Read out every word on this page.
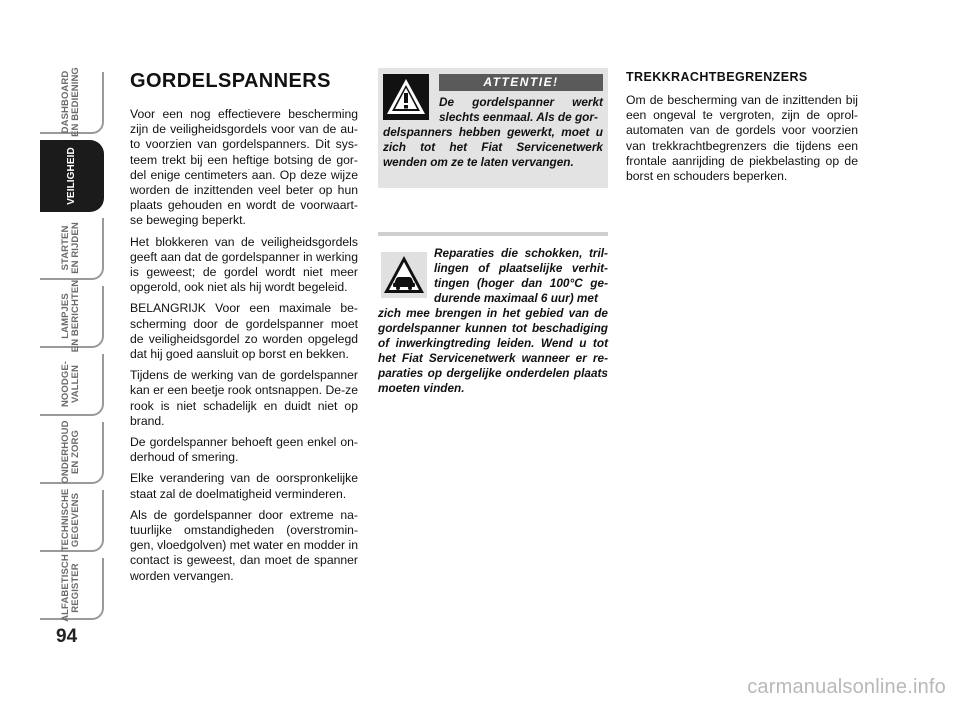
DASHBOARD
EN BEDIENING
VEILIGHEID
STARTEN
EN RIJDEN
LAMPJES
EN BERICHTEN
NOODGE-
VALLEN
ONDERHOUD
EN ZORG
TECHNISCHE
GEGEVENS
ALFABETISCH
REGISTER
94
GORDELSPANNERS

Voor een nog effectievere bescherming zijn de veiligheidsgordels voor van de au-to voorzien van gordelspanners. Dit sys-teem trekt bij een heftige botsing de gor-del enige centimeters aan. Op deze wijze worden de inzittenden veel beter op hun plaats gehouden en wordt de voorwaart-se beweging beperkt.

Het blokkeren van de veiligheidsgordels geeft aan dat de gordelspanner in werking is geweest; de gordel wordt niet meer opgerold, ook niet als hij wordt begeleid.

BELANGRIJK Voor een maximale be-scherming door de gordelspanner moet de veiligheidsgordel zo worden opgelegd dat hij goed aansluit op borst en bekken.

Tijdens de werking van de gordelspanner kan er een beetje rook ontsnappen. De-ze rook is niet schadelijk en duidt niet op brand.

De gordelspanner behoeft geen enkel on-derhoud of smering.

Elke verandering van de oorspronkelijke staat zal de doelmatigheid verminderen.

Als de gordelspanner door extreme na-tuurlijke omstandigheden (overstromin-gen, vloedgolven) met water en modder in contact is geweest, dan moet de spanner worden vervangen.

ATTENTIE!
De gordelspanner werkt slechts eenmaal. Als de gor-
delspanners hebben gewerkt, moet u zich tot het Fiat Servicenetwerk wenden om ze te laten vervangen.
Reparaties die schokken, tril-lingen of plaatselijke verhit-tingen (hoger dan 100°C ge-durende maximaal 6 uur) met
zich mee brengen in het gebied van de gordelspanner kunnen tot beschadiging of inwerkingtreding leiden. Wend u tot het Fiat Servicenetwerk wanneer er re-paraties op dergelijke onderdelen plaats moeten vinden.
TREKKRACHTBEGRENZERS

Om de bescherming van de inzittenden bij een ongeval te vergroten, zijn de oprol-automaten van de gordels voor voorzien van trekkrachtbegrenzers die tijdens een frontale aanrijding de piekbelasting op de borst en schouders beperken.

carmanualsonline.info
